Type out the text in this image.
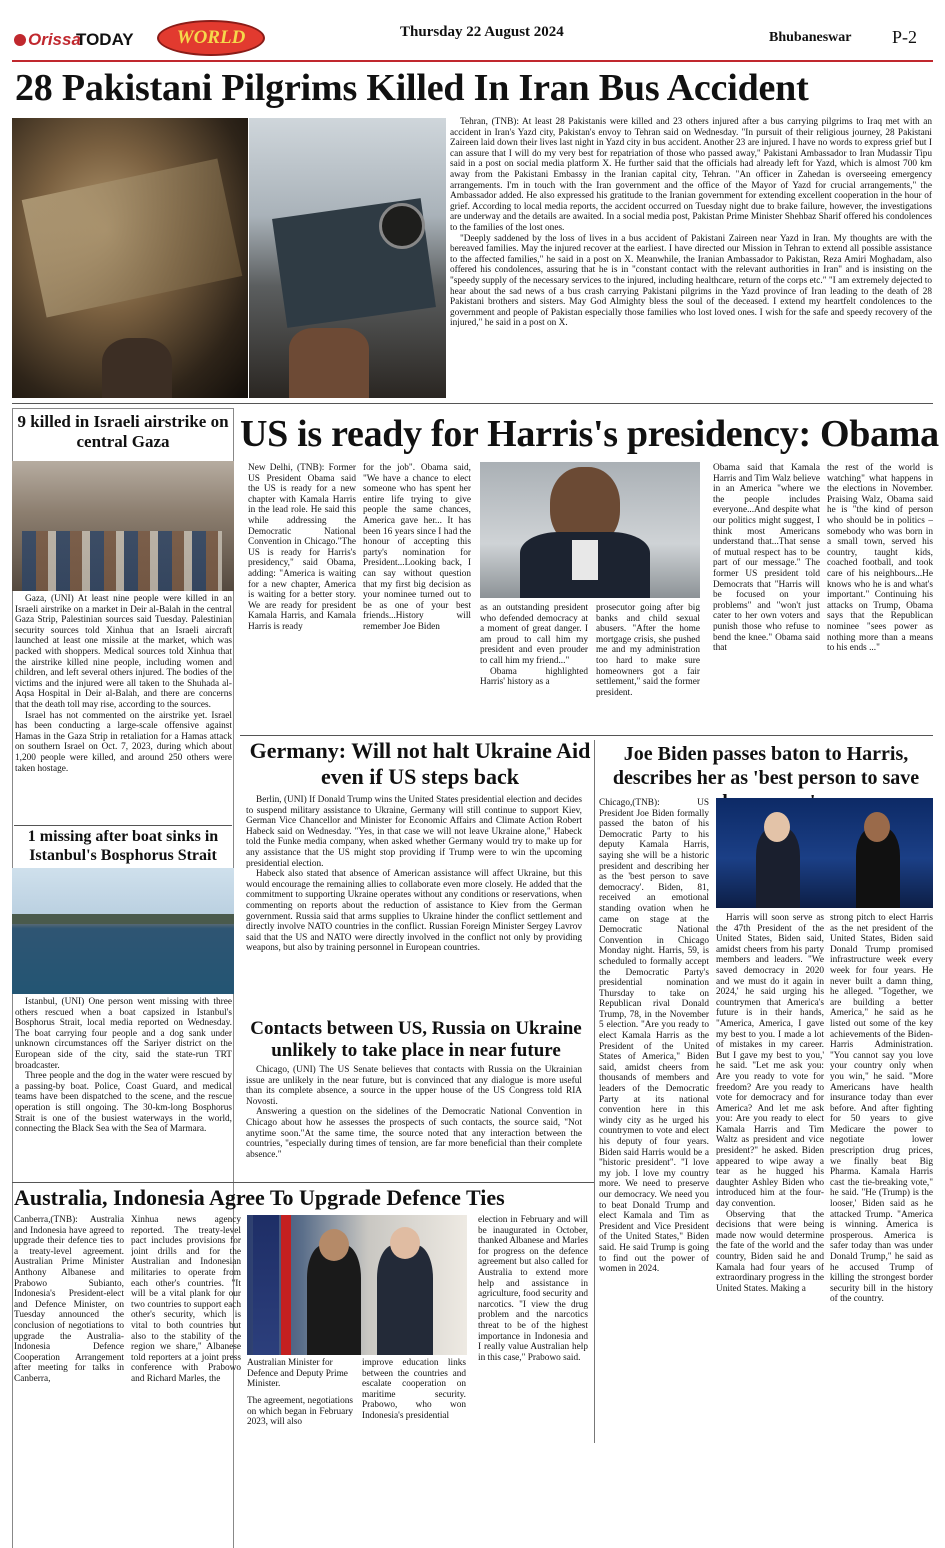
Orissa
TODAY WORLD	Thursday 22 August 2024	Bhubaneswar P-2
28 Pakistani Pilgrims Killed In Iran Bus Accident

Tehran, (TNB): At least 28 Pakistanis were killed and 23 others injured after a bus carrying pilgrims to Iraq met with an accident in Iran's Yazd city, Pakistan's envoy to Tehran said on Wednesday. "In pursuit of their religious journey, 28 Pakistani Zaireen laid down their lives last night in Yazd city in bus accident. Another 23 are injured. I have no words to express grief but I can assure that I will do my very best for repatriation of those who passed away," Pakistani Ambassador to Iran Mudassir Tipu said in a post on social media platform X. He further said that the officials had already left for Yazd, which is almost 700 km away from the Pakistani Embassy in the Iranian capital city, Tehran. "An officer in Zahedan is overseeing emergency arrangements. I'm in touch with the Iran government and the office of the Mayor of Yazd for crucial arrangements," the Ambassador added. He also expressed his gratitude to the Iranian government for extending excellent cooperation in the hour of grief. According to local media reports, the accident occurred on Tuesday night due to brake failure, however, the investigations are underway and the details are awaited. In a social media post, Pakistan Prime Minister Shehbaz Sharif offered his condolences to the families of the lost ones.

"Deeply saddened by the loss of lives in a bus accident of Pakistani Zaireen near Yazd in Iran. My thoughts are with the bereaved families. May the injured recover at the earliest. I have directed our Mission in Tehran to extend all possible assistance to the affected families," he said in a post on X. Meanwhile, the Iranian Ambassador to Pakistan, Reza Amiri Moghadam, also offered his condolences, assuring that he is in "constant contact with the relevant authorities in Iran" and is insisting on the "speedy supply of the necessary services to the injured, including healthcare, return of the corps etc." "I am extremely dejected to hear about the sad news of a bus crash carrying Pakistani pilgrims in the Yazd province of Iran leading to the death of 28 Pakistani brothers and sisters. May God Almighty bless the soul of the deceased. I extend my heartfelt condolences to the government and people of Pakistan especially those families who lost loved ones. I wish for the safe and speedy recovery of the injured," he said in a post on X.

9 killed in Israeli airstrike on central Gaza

Gaza, (UNI) At least nine people were killed in an Israeli airstrike on a market in Deir al-Balah in the central Gaza Strip, Palestinian sources said Tuesday. Palestinian security sources told Xinhua that an Israeli aircraft launched at least one missile at the market, which was packed with shoppers. Medical sources told Xinhua that the airstrike killed nine people, including women and children, and left several others injured. The bodies of the victims and the injured were all taken to the Shuhada al-Aqsa Hospital in Deir al-Balah, and there are concerns that the death toll may rise, according to the sources.

Israel has not commented on the airstrike yet. Israel has been conducting a large-scale offensive against Hamas in the Gaza Strip in retaliation for a Hamas attack on southern Israel on Oct. 7, 2023, during which about 1,200 people were killed, and around 250 others were taken hostage.

1 missing after boat sinks in Istanbul's Bosphorus Strait

Istanbul, (UNI) One person went missing with three others rescued when a boat capsized in Istanbul's Bosphorus Strait, local media reported on Wednesday. The boat carrying four people and a dog sank under unknown circumstances off the Sariyer district on the European side of the city, said the state-run TRT broadcaster.

Three people and the dog in the water were rescued by a passing-by boat. Police, Coast Guard, and medical teams have been dispatched to the scene, and the rescue operation is still ongoing. The 30-km-long Bosphorus Strait is one of the busiest waterways in the world, connecting the Black Sea with the Sea of Marmara.

US is ready for Harris's presidency: Obama
New Delhi, (TNB): Former US President Obama said the US is ready for a new chapter with Kamala Harris in the lead role. He said this while addressing the Democratic National Convention in Chicago."The US is ready for Harris's presidency," said Obama, adding: "America is waiting for a new chapter, America is waiting for a better story. We are ready for president Kamala Harris, and Kamala Harris is ready
for the job". Obama said, "We have a chance to elect someone who has spent her entire life trying to give people the same chances, America gave her... It has been 16 years since I had the honour of accepting this party's nomination for President...Looking back, I can say without question that my first big decision as your nominee turned out to be as one of your best friends...History will remember Joe Biden

as an outstanding president who defended democracy at a moment of great danger. I am proud to call him my president and even prouder to call him my friend..."

Obama highlighted Harris' history as a

prosecutor going after big banks and child sexual abusers. "After the home mortgage crisis, she pushed me and my administration too hard to make sure homeowners got a fair settlement," said the former president.
Obama said that Kamala Harris and Tim Walz believe in an America "where we the people includes everyone...And despite what our politics might suggest, I think most Americans understand that...That sense of mutual respect has to be part of our message." The former US president told Democrats that "Harris will be focused on your problems" and "won't just cater to her own voters and punish those who refuse to bend the knee." Obama said that
the rest of the world is watching" what happens in the elections in November. Praising Walz, Obama said he is "the kind of person who should be in politics – somebody who was born in a small town, served his country, taught kids, coached football, and took care of his neighbours...He knows who he is and what's important." Continuing his attacks on Trump, Obama says that the Republican nominee "sees power as nothing more than a means to his ends ..."
Germany: Will not halt Ukraine Aid even if US steps back

Berlin, (UNI) If Donald Trump wins the United States presidential election and decides to suspend military assistance to Ukraine, Germany will still continue to support Kiev, German Vice Chancellor and Minister for Economic Affairs and Climate Action Robert Habeck said on Wednesday. "Yes, in that case we will not leave Ukraine alone," Habeck told the Funke media company, when asked whether Germany would try to make up for any assistance that the US might stop providing if Trump were to win the upcoming presidential election.

Habeck also stated that absence of American assistance will affect Ukraine, but this would encourage the remaining allies to collaborate even more closely. He added that the commitment to supporting Ukraine operates without any conditions or reservations, when commenting on reports about the reduction of assistance to Kiev from the German government. Russia said that arms supplies to Ukraine hinder the conflict settlement and directly involve NATO countries in the conflict. Russian Foreign Minister Sergey Lavrov said that the US and NATO were directly involved in the conflict not only by providing weapons, but also by training personnel in European countries.

Contacts between US, Russia on Ukraine unlikely to take place in near future

Chicago, (UNI) The US Senate believes that contacts with Russia on the Ukrainian issue are unlikely in the near future, but is convinced that any dialogue is more useful than its complete absence, a source in the upper house of the US Congress told RIA Novosti.

Answering a question on the sidelines of the Democratic National Convention in Chicago about how he assesses the prospects of such contacts, the source said, "Not anytime soon."At the same time, the source noted that any interaction between the countries, "especially during times of tension, are far more beneficial than their complete absence."

Joe Biden passes baton to Harris, describes her as 'best person to save
Chicago,(TNB): US President Joe Biden formally passed the baton of his Democratic Party to his deputy Kamala Harris, saying she will be a historic president and describing her as the 'best person to save democracy'. Biden, 81, received an emotional standing ovation when he came on stage at the Democratic National Convention in Chicago Monday night. Harris, 59, is scheduled to formally accept the Democratic Party's presidential nomination Thursday to take on Republican rival Donald Trump, 78, in the November 5 election. "Are you ready to elect Kamala Harris as the President of the United States of America," Biden said, amidst cheers from thousands of members and leaders of the Democratic Party at its national convention here in this windy city as he urged his countrymen to vote and elect his deputy of four years. Biden said Harris would be a "historic president". "I love my job. I love my country more. We need to preserve our democracy. We need you to beat Donald Trump and elect Kamala and Tim as President and Vice President of the United States," Biden said. He said Trump is going to find out the power of women in 2024.

Harris will soon serve as the 47th President of the United States, Biden said, amidst cheers from his party members and leaders. "We saved democracy in 2020 and we must do it again in 2024,' he said urging his countrymen that America's future is in their hands, "America, America, I gave my best to you. I made a lot of mistakes in my career. But I gave my best to you,' he said. "Let me ask you: Are you ready to vote for freedom? Are you ready to vote for democracy and for America? And let me ask you: Are you ready to elect Kamala Harris and Tim Waltz as president and vice president?" he asked. Biden appeared to wipe away a tear as he hugged his daughter Ashley Biden who introduced him at the four-day convention.

Observing that the decisions that were being made now would determine the fate of the world and the country, Biden said he and Kamala had four years of extraordinary progress in the United States. Making a

strong pitch to elect Harris as the net president of the United States, Biden said Donald Trump promised infrastructure week every week for four years. He never built a damn thing, he alleged. "Together, we are building a better America," he said as he listed out some of the key achievements of the Biden-Harris Administration. "You cannot say you love your country only when you win," he said. "More Americans have health insurance today than ever before. And after fighting for 50 years to give Medicare the power to negotiate lower prescription drug prices, we finally beat Big Pharma. Kamala Harris cast the tie-breaking vote," he said. "He (Trump) is the looser,' Biden said as he attacked Trump. "America is winning. America is prosperous. America is safer today than was under Donald Trump," he said as he accused Trump of killing the strongest border security bill in the history of the country.
Australia, Indonesia Agree To Upgrade Defence Ties
Canberra,(TNB): Australia and Indonesia have agreed to upgrade their defence ties to a treaty-level agreement. Australian Prime Minister Anthony Albanese and Prabowo Subianto, Indonesia's President-elect and Defence Minister, on Tuesday announced the conclusion of negotiations to upgrade the Australia-Indonesia Defence Cooperation Arrangement after meeting for talks in Canberra,
Xinhua news agency reported. The treaty-level pact includes provisions for joint drills and for the Australian and Indonesian militaries to operate from each other's countries. "It will be a vital plank for our two countries to support each other's security, which is vital to both countries but also to the stability of the region we share," Albanese told reporters at a joint press conference with Prabowo and Richard Marles, the
Australian Minister for Defence and Deputy Prime Minister.
The agreement, negotiations on which began in February 2023, will also
improve education links between the countries and escalate cooperation on maritime security. Prabowo, who won Indonesia's presidential
election in February and will be inaugurated in October, thanked Albanese and Marles for progress on the defence agreement but also called for Australia to extend more help and assistance in agriculture, food security and narcotics. "I view the drug problem and the narcotics threat to be of the highest importance in Indonesia and I really value Australian help in this case," Prabowo said.
